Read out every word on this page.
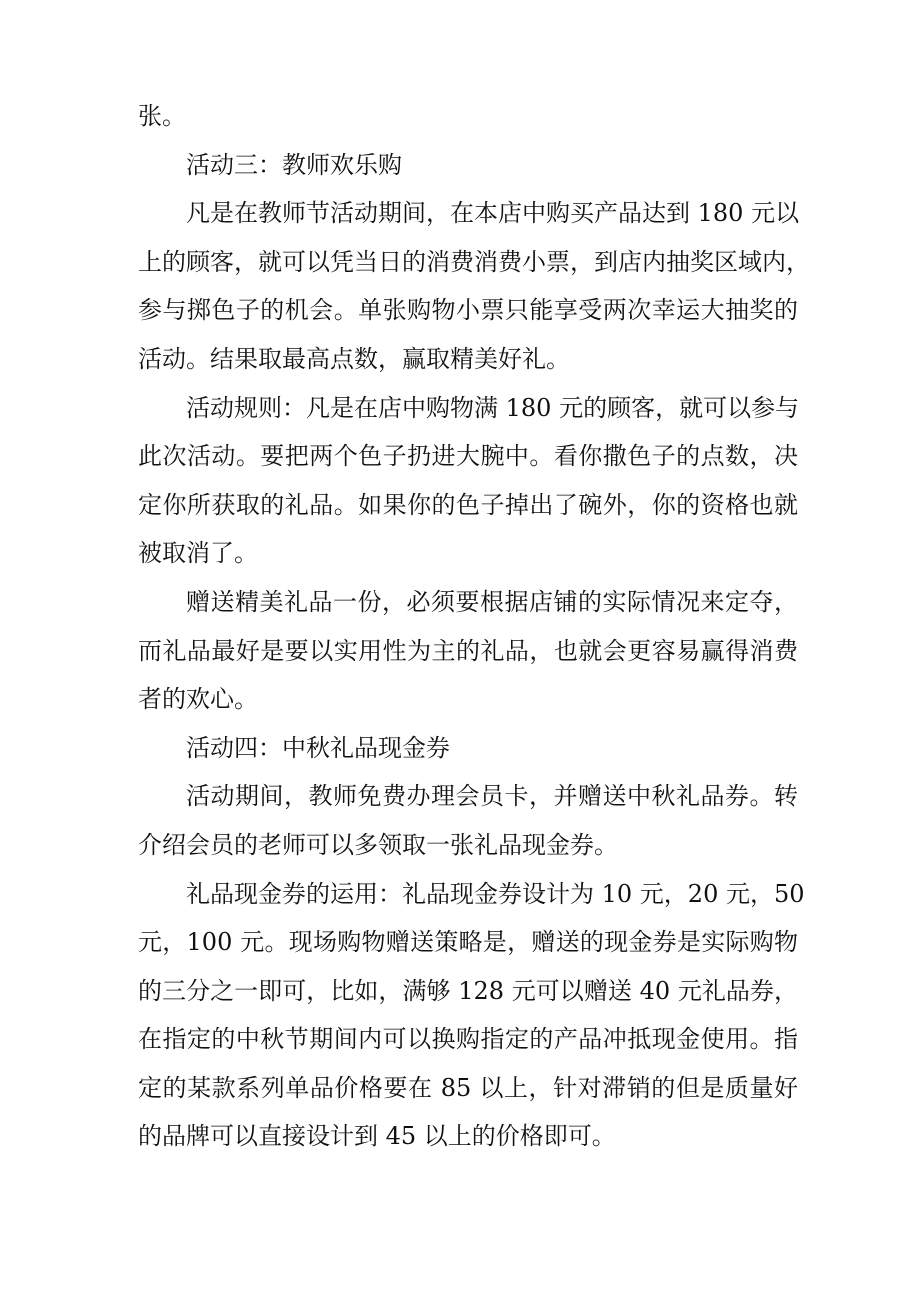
张。
活动三：教师欢乐购
凡是在教师节活动期间，在本店中购买产品达到 180 元以
上的顾客，就可以凭当日的消费消费小票，到店内抽奖区域内，
参与掷色子的机会。单张购物小票只能享受两次幸运大抽奖的
活动。结果取最高点数，赢取精美好礼。
活动规则：凡是在店中购物满 180 元的顾客，就可以参与
此次活动。要把两个色子扔进大腕中。看你撒色子的点数，决
定你所获取的礼品。如果你的色子掉出了碗外，你的资格也就
被取消了。
赠送精美礼品一份，必须要根据店铺的实际情况来定夺，
而礼品最好是要以实用性为主的礼品，也就会更容易赢得消费
者的欢心。
活动四：中秋礼品现金券
活动期间，教师免费办理会员卡，并赠送中秋礼品券。转
介绍会员的老师可以多领取一张礼品现金券。
礼品现金券的运用：礼品现金券设计为 10 元，20 元，50
元，100 元。现场购物赠送策略是，赠送的现金券是实际购物
的三分之一即可，比如，满够 128 元可以赠送 40 元礼品券，
在指定的中秋节期间内可以换购指定的产品冲抵现金使用。指
定的某款系列单品价格要在 85 以上，针对滞销的但是质量好
的品牌可以直接设计到 45 以上的价格即可。
